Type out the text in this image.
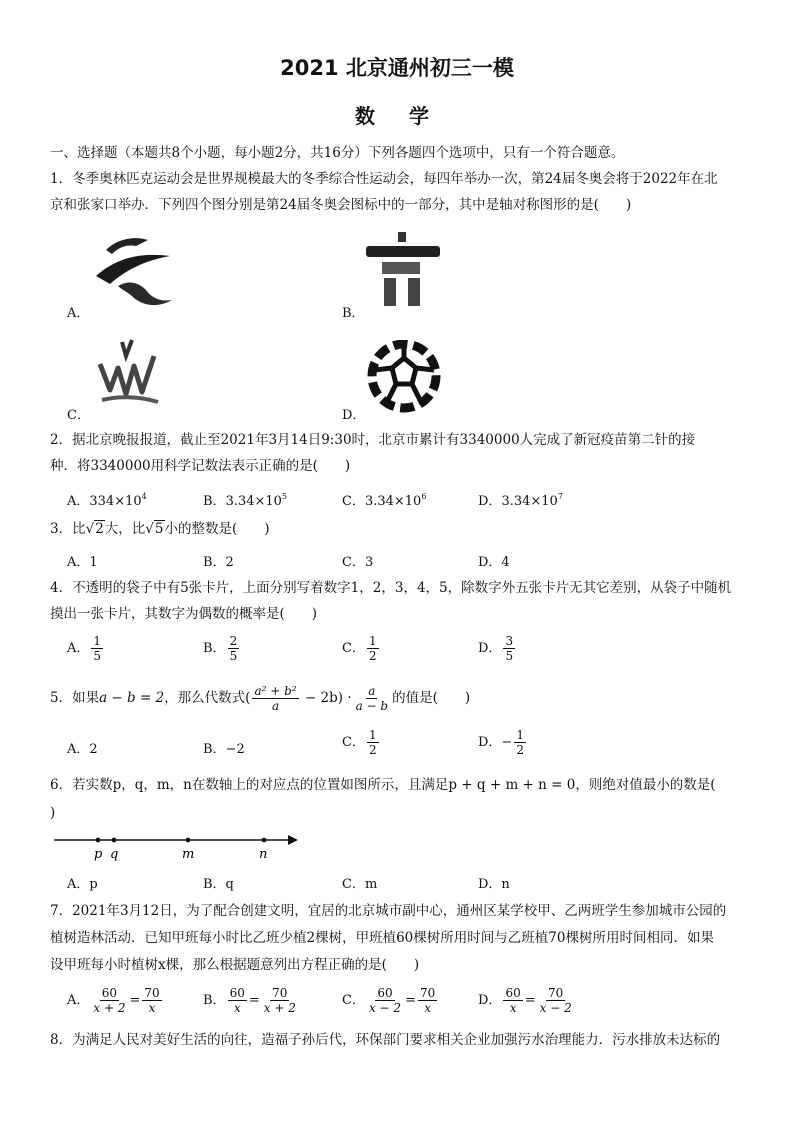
2021 北京通州初三一模
数学
一、选择题（本题共8个小题，每小题2分，共16分）下列各题四个选项中，只有一个符合题意。
1．冬季奥林匹克运动会是世界规模最大的冬季综合性运动会，每四年举办一次，第24届冬奥会将于2022年在北
京和张家口举办．下列四个图分别是第24届冬奥会图标中的一部分，其中是轴对称图形的是(　　)
A．	B．
C．	D．
2．据北京晚报报道，截止至2021年3月14日9:30时，北京市累计有3340000人完成了新冠疫苗第二针的接
种．将3340000用科学记数法表示正确的是(　　)
A．$334\times 10^4$	B．$3.34\times 10^5$	C．$3.34\times 10^6$	D．$3.34\times 10^7$
3．比√2大，比√5小的整数是(　　)
A．1	B．2	C．3	D．4
4．不透明的袋子中有5张卡片，上面分别写着数字1，2，3，4，5，除数字外五张卡片无其它差别，从袋子中随机
摸出一张卡片，其数字为偶数的概率是(　　)
A． $\frac{1}{5}$	B． $\frac{2}{5}$	C． $\frac{1}{2}$	D． $\frac{3}{5}$
5．如果a − b = 2，那么代数式( $\frac{\text{a² + b²}}{a} - 2b) \cdot \frac{a}{a - b}$ 的值是(　　)
A．2	B．−2	C． $\frac{1}{2}$	D．− $\frac{1}{2}$
6．若实数p，q，m，n在数轴上的对应点的位置如图所示，且满足p + q + m + n = 0，则绝对值最小的数是(
)
p q	m	n
A．p	B．q	C．m	D．n
7．2021年3月12日，为了配合创建文明，宜居的北京城市副中心，通州区某学校甲、乙两班学生参加城市公园的
植树造林活动．已知甲班每小时比乙班少植2棵树，甲班植60棵树所用时间与乙班植70棵树所用时间相同．如果
设甲班每小时植树x棵，那么根据题意列出方程正确的是(　　)
A． $\frac{60}{x + 2} = \frac{70}{x}$	B． $\frac{60}{x} = \frac{70}{x + 2}$	C． $\frac{60}{x - 2} = \frac{70}{x}$	D． $\frac{60}{x} = \frac{70}{x - 2}$
8．为满足人民对美好生活的向往，造福子孙后代，环保部门要求相关企业加强污水治理能力．污水排放未达标的
